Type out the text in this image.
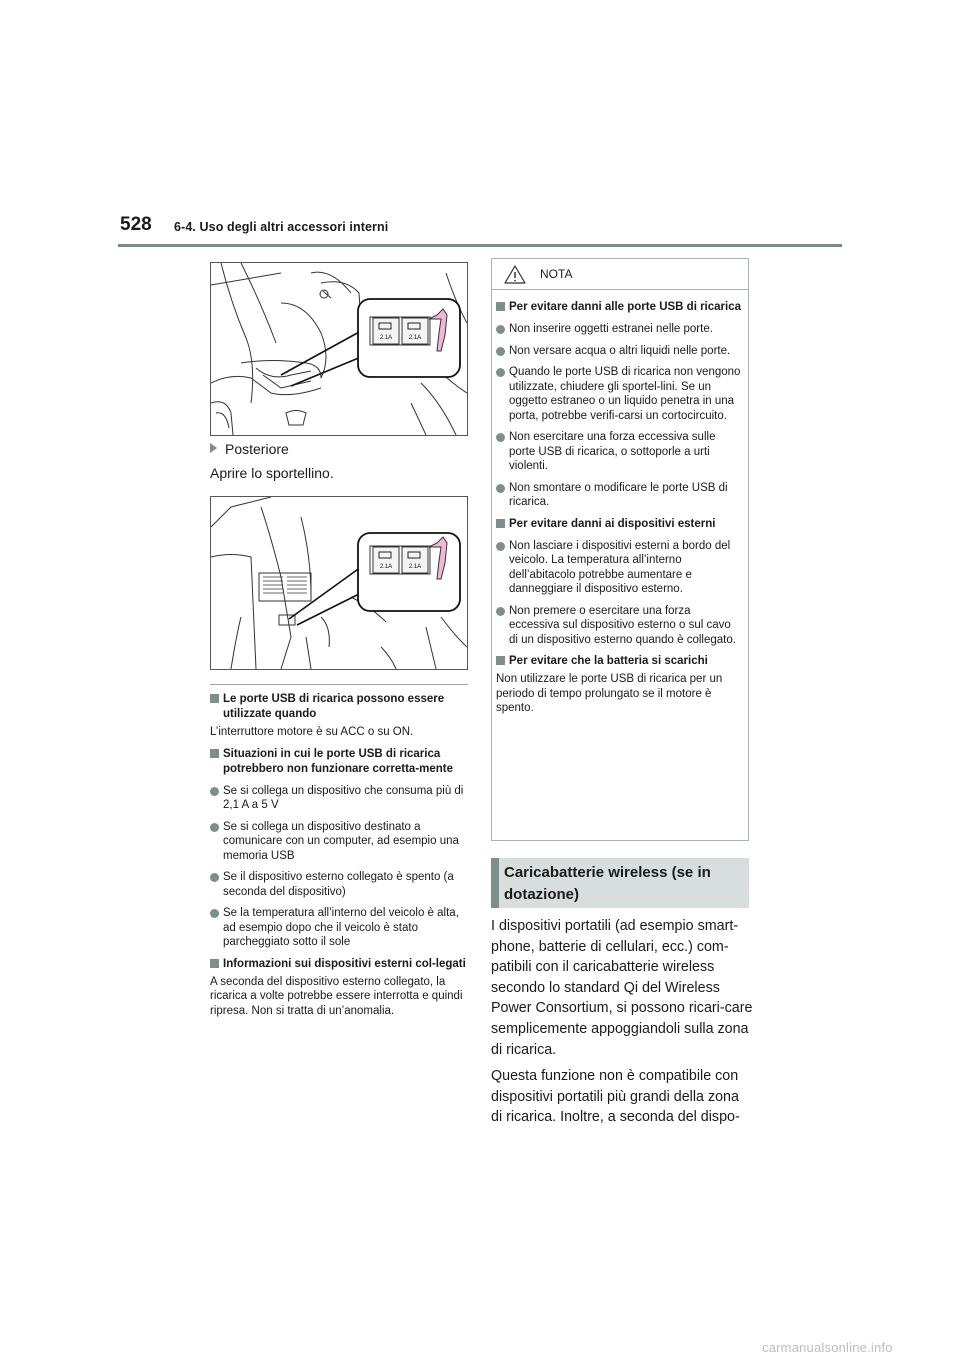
528 6-4. Uso degli altri accessori interni
2.1A	2.1A
Posteriore
Aprire lo sportellino.
2.1A	2.1A
Le porte USB di ricarica possono essere utilizzate quando
L’interruttore motore è su ACC o su ON.
Situazioni in cui le porte USB di ricarica potrebbero non funzionare corretta-mente
Se si collega un dispositivo che consuma più di 2,1 A a 5 V
Se si collega un dispositivo destinato a comunicare con un computer, ad esempio una memoria USB
Se il dispositivo esterno collegato è spento (a seconda del dispositivo)
Se la temperatura all’interno del veicolo è alta, ad esempio dopo che il veicolo è stato parcheggiato sotto il sole
Informazioni sui dispositivi esterni col-legati
A seconda del dispositivo esterno collegato, la ricarica a volte potrebbe essere interrotta e quindi ripresa. Non si tratta di un’anomalia.
NOTA
Per evitare danni alle porte USB di ricarica
Non inserire oggetti estranei nelle porte.
Non versare acqua o altri liquidi nelle porte.
Quando le porte USB di ricarica non vengono utilizzate, chiudere gli sportel-lini. Se un oggetto estraneo o un liquido penetra in una porta, potrebbe verifi-carsi un cortocircuito.
Non esercitare una forza eccessiva sulle porte USB di ricarica, o sottoporle a urti violenti.
Non smontare o modificare le porte USB di ricarica.
Per evitare danni ai dispositivi esterni
Non lasciare i dispositivi esterni a bordo del veicolo. La temperatura all’interno dell’abitacolo potrebbe aumentare e danneggiare il dispositivo esterno.
Non premere o esercitare una forza eccessiva sul dispositivo esterno o sul cavo di un dispositivo esterno quando è collegato.
Per evitare che la batteria si scarichi
Non utilizzare le porte USB di ricarica per un periodo di tempo prolungato se il motore è spento.
Caricabatterie wireless (se in dotazione)

I dispositivi portatili (ad esempio smart-phone, batterie di cellulari, ecc.) com-patibili con il caricabatterie wireless secondo lo standard Qi del Wireless Power Consortium, si possono ricari-care semplicemente appoggiandoli sulla zona di ricarica.

Questa funzione non è compatibile con dispositivi portatili più grandi della zona di ricarica. Inoltre, a seconda del dispo-

carmanualsonline.info
